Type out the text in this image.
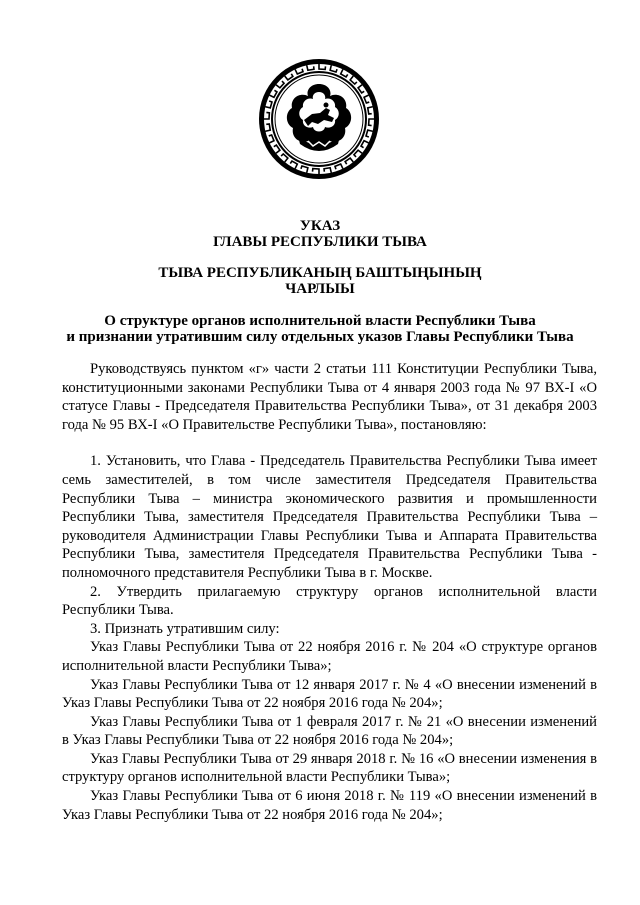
УКАЗ
ГЛАВЫ РЕСПУБЛИКИ ТЫВА
ТЫВА РЕСПУБЛИКАНЫҢ БАШТЫҢЫНЫҢ
ЧАРЛЫЫ
О структуре органов исполнительной власти Республики Тыва
и признании утратившим силу отдельных указов Главы Республики Тыва

Руководствуясь пунктом «г» части 2 статьи 111 Конституции Республики Тыва, конституционными законами Республики Тыва от 4 января 2003 года № 97 ВХ-I «О статусе Главы - Председателя Правительства Республики Тыва», от 31 декабря 2003 года № 95 ВХ-I «О Правительстве Республики Тыва», постановляю:

1. Установить, что Глава - Председатель Правительства Республики Тыва имеет семь заместителей, в том числе заместителя Председателя Правительства Республики Тыва – министра экономического развития и промышленности Республики Тыва, заместителя Председателя Правительства Республики Тыва – руководителя Администрации Главы Республики Тыва и Аппарата Правительства Республики Тыва, заместителя Председателя Правительства Республики Тыва - полномочного представителя Республики Тыва в г. Москве.

2. Утвердить прилагаемую структуру органов исполнительной власти Республики Тыва.

3. Признать утратившим силу:

Указ Главы Республики Тыва от 22 ноября 2016 г. № 204 «О структуре органов исполнительной власти Республики Тыва»;

Указ Главы Республики Тыва от 12 января 2017 г. № 4 «О внесении изменений в Указ Главы Республики Тыва от 22 ноября 2016 года № 204»;

Указ Главы Республики Тыва от 1 февраля 2017 г. № 21 «О внесении изменений в Указ Главы Республики Тыва от 22 ноября 2016 года № 204»;

Указ Главы Республики Тыва от 29 января 2018 г. № 16 «О внесении изменения в структуру органов исполнительной власти Республики Тыва»;

Указ Главы Республики Тыва от 6 июня 2018 г. № 119 «О внесении изменений в Указ Главы Республики Тыва от 22 ноября 2016 года № 204»;
